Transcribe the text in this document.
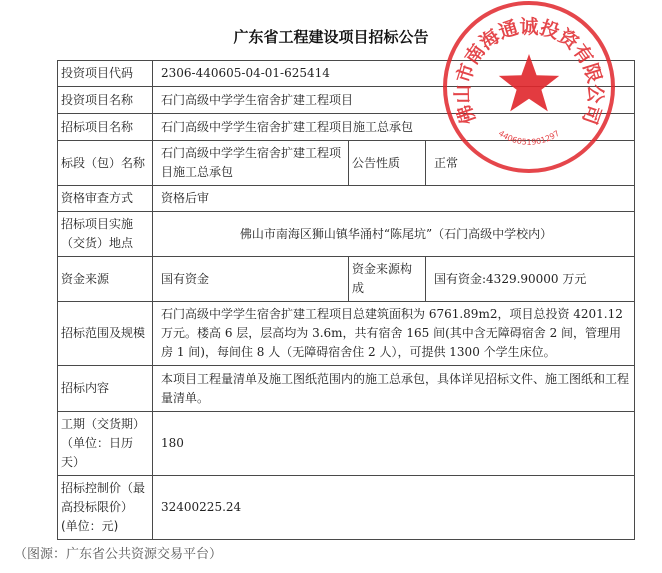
广东省工程建设项目招标公告
投资项目代码	2306-440605-04-01-625414		
投资项目名称	石门高级中学学生宿舍扩建工程项目		
招标项目名称	石门高级中学学生宿舍扩建工程项目施工总承包		
标段（包）名称	石门高级中学学生宿舍扩建工程项目施工总承包	公告性质	正常
资格审查方式	资格后审		
招标项目实施（交货）地点	佛山市南海区狮山镇华涌村“陈尾坑”（石门高级中学校内）		
资金来源	国有资金	资金来源构成	国有资金:4329.90000 万元
招标范围及规模	石门高级中学学生宿舍扩建工程项目总建筑面积为 6761.89m2，项目总投资 4201.12 万元。楼高 6 层，层高均为 3.6m，共有宿舍 165 间(其中含无障碍宿舍 2 间，管理用房 1 间)，每间住 8 人（无障碍宿舍住 2 人），可提供 1300 个学生床位。		
招标内容	本项目工程量清单及施工图纸范围内的施工总承包，具体详见招标文件、施工图纸和工程量清单。		
工期（交货期）（单位：日历天）	180		
招标控制价（最高投标限价）(单位：元)	32400225.24		
（图源：广东省公共资源交易平台）
佛山市南海通诚投资有限公司
4406051901297
